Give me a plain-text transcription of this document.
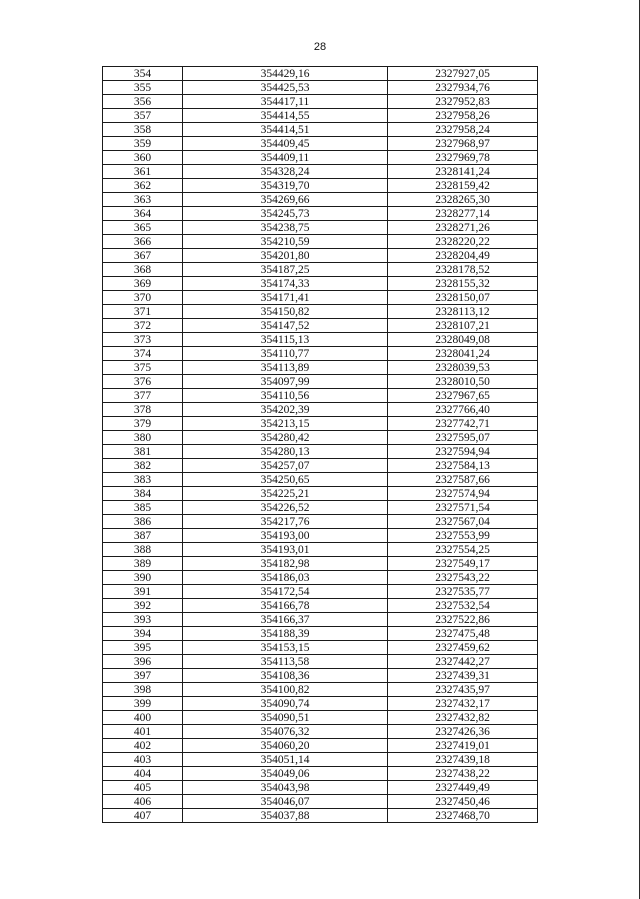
28
354	354429,16	2327927,05
355	354425,53	2327934,76
356	354417,11	2327952,83
357	354414,55	2327958,26
358	354414,51	2327958,24
359	354409,45	2327968,97
360	354409,11	2327969,78
361	354328,24	2328141,24
362	354319,70	2328159,42
363	354269,66	2328265,30
364	354245,73	2328277,14
365	354238,75	2328271,26
366	354210,59	2328220,22
367	354201,80	2328204,49
368	354187,25	2328178,52
369	354174,33	2328155,32
370	354171,41	2328150,07
371	354150,82	2328113,12
372	354147,52	2328107,21
373	354115,13	2328049,08
374	354110,77	2328041,24
375	354113,89	2328039,53
376	354097,99	2328010,50
377	354110,56	2327967,65
378	354202,39	2327766,40
379	354213,15	2327742,71
380	354280,42	2327595,07
381	354280,13	2327594,94
382	354257,07	2327584,13
383	354250,65	2327587,66
384	354225,21	2327574,94
385	354226,52	2327571,54
386	354217,76	2327567,04
387	354193,00	2327553,99
388	354193,01	2327554,25
389	354182,98	2327549,17
390	354186,03	2327543,22
391	354172,54	2327535,77
392	354166,78	2327532,54
393	354166,37	2327522,86
394	354188,39	2327475,48
395	354153,15	2327459,62
396	354113,58	2327442,27
397	354108,36	2327439,31
398	354100,82	2327435,97
399	354090,74	2327432,17
400	354090,51	2327432,82
401	354076,32	2327426,36
402	354060,20	2327419,01
403	354051,14	2327439,18
404	354049,06	2327438,22
405	354043,98	2327449,49
406	354046,07	2327450,46
407	354037,88	2327468,70
